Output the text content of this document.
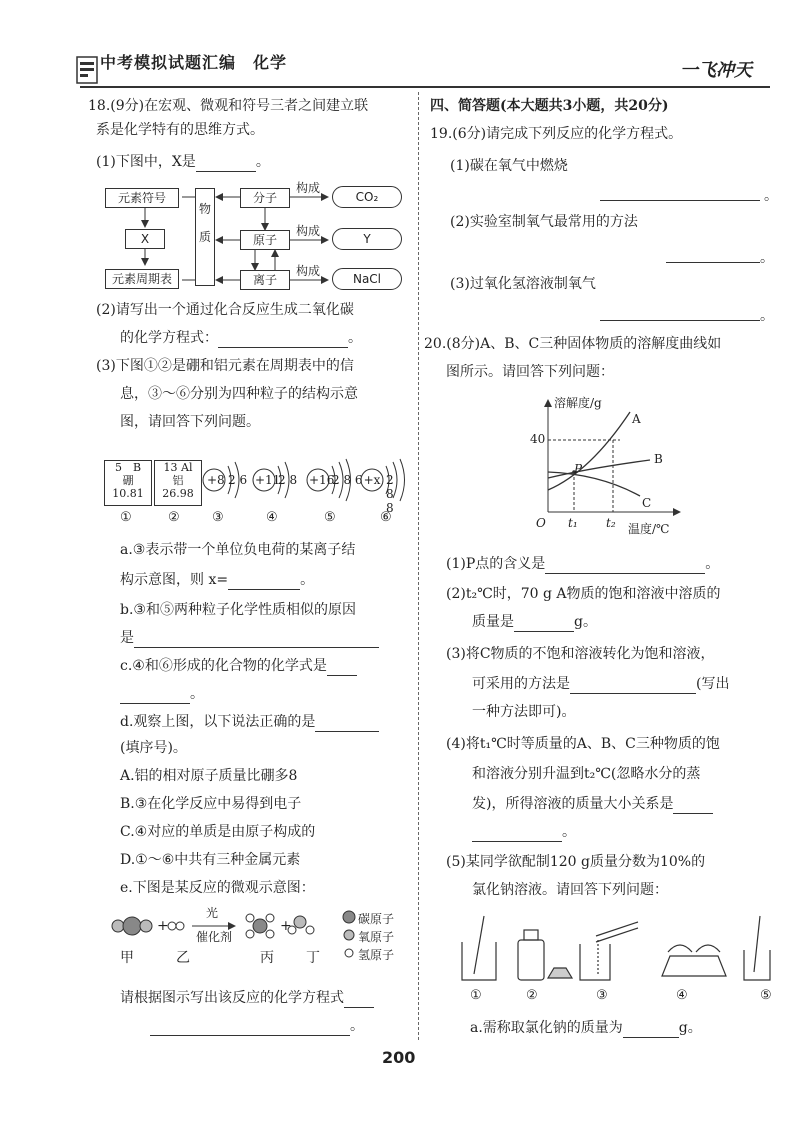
中考模拟试题汇编　化学	一飞冲天
18.(9分)在宏观、微观和符号三者之间建立联
系是化学特有的思维方式。
(1)下图中，X是	。
元素符号
X
元素周期表
物质
分子
原子
离子
构成
构成
构成
CO₂
Y
NaCl
(2)请写出一个通过化合反应生成二氧化碳
的化学方程式：	。
(3)下图①②是硼和铝元素在周期表中的信
息，③～⑥分别为四种粒子的结构示意
图，请回答下列问题。
5　 B
硼
10.81
13 Al
铝
26.98
+8 2 6 +11
2 8 +16
2 8 6 +x 2 8 8
①	② ③	④	⑤	⑥
a.③表示带一个单位负电荷的某离子结
构示意图，则 x=	。
b.③和⑤两种粒子化学性质相似的原因
是
c.④和⑥形成的化合物的化学式是
。
d.观察上图，以下说法正确的是
(填序号)。
A.铝的相对原子质量比硼多8
B.③在化学反应中易得到电子
C.④对应的单质是由原子构成的
D.①～⑥中共有三种金属元素
e.下图是某反应的微观示意图：
+	+
光
催化剂
甲	乙	丙 丁
碳原子
氧原子
氢原子
请根据图示写出该反应的化学方程式
。
四、简答题(本大题共3小题，共20分)
19.(6分)请完成下列反应的化学方程式。
(1)碳在氧气中燃烧
。
(2)实验室制氧气最常用的方法
。
(3)过氧化氢溶液制氧气
。
20.(8分)A、B、C三种固体物质的溶解度曲线如
图所示。请回答下列问题：
溶解度/g
40
A
B
C
P
O t₁ t₂ 温度/℃
(1)P点的含义是	。
(2)t₂℃时，70 g A物质的饱和溶液中溶质的
质量是	g。
(3)将C物质的不饱和溶液转化为饱和溶液，
可采用的方法是	(写出
一种方法即可)。
(4)将t₁℃时等质量的A、B、C三种物质的饱
和溶液分别升温到t₂℃(忽略水分的蒸
发)，所得溶液的质量大小关系是
。
(5)某同学欲配制120 g质量分数为10%的
氯化钠溶液。请回答下列问题：
①	②	③	④	⑤
a.需称取氯化钠的质量为	g。
200
